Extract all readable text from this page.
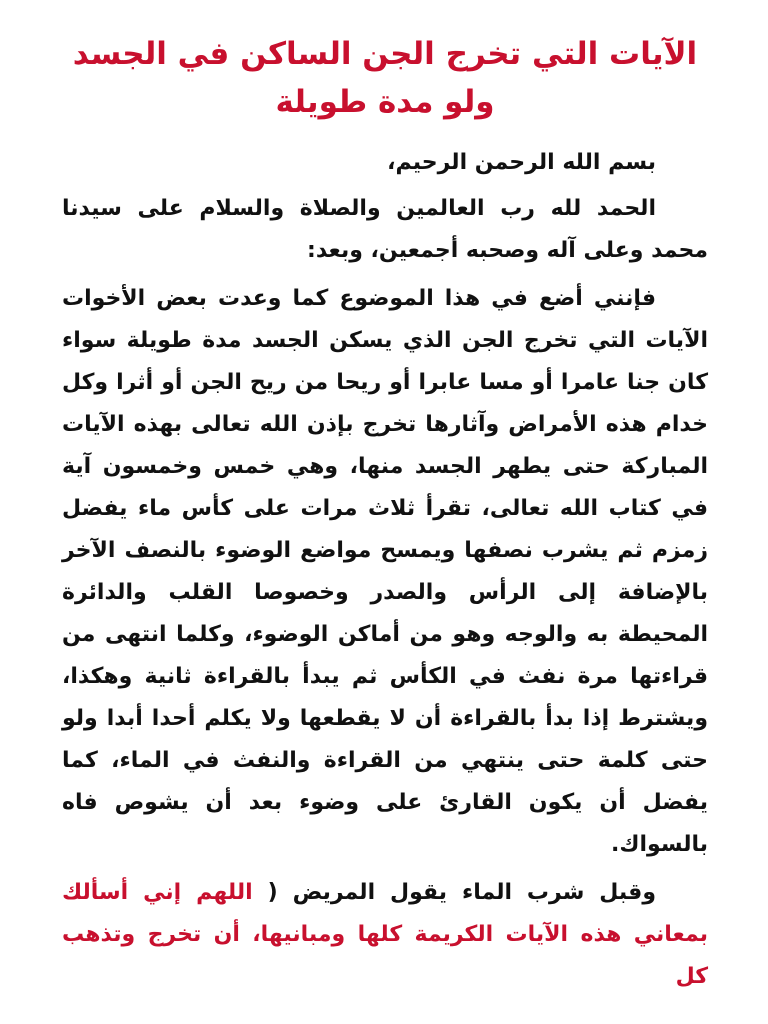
الآيات التي تخرج الجن الساكن في الجسد ولو مدة طويلة

بسم الله الرحمن الرحيم،

الحمد لله رب العالمين والصلاة والسلام على سيدنا محمد وعلى آله وصحبه أجمعين، وبعد:

فإنني أضع في هذا الموضوع كما وعدت بعض الأخوات الآيات التي تخرج الجن الذي يسكن الجسد مدة طويلة سواء كان جنا عامرا أو مسا عابرا أو ريحا من ريح الجن أو أثرا وكل خدام هذه الأمراض وآثارها تخرج بإذن الله تعالى بهذه الآيات المباركة حتى يطهر الجسد منها، وهي خمس وخمسون آية في كتاب الله تعالى، تقرأ ثلاث مرات على كأس ماء يفضل زمزم ثم يشرب نصفها ويمسح مواضع الوضوء بالنصف الآخر بالإضافة إلى الرأس والصدر وخصوصا القلب والدائرة المحيطة به والوجه وهو من أماكن الوضوء، وكلما انتهى من قراءتها مرة نفث في الكأس ثم يبدأ بالقراءة ثانية وهكذا، ويشترط إذا بدأ بالقراءة أن لا يقطعها ولا يكلم أحدا أبدا ولو حتى كلمة حتى ينتهي من القراءة والنفث في الماء، كما يفضل أن يكون القارئ على وضوء بعد أن يشوص فاه بالسواك.

وقبل شرب الماء يقول المريض ( اللهم إني أسألك بمعاني هذه الآيات الكريمة كلها ومبانيها، أن تخرج وتذهب كل
